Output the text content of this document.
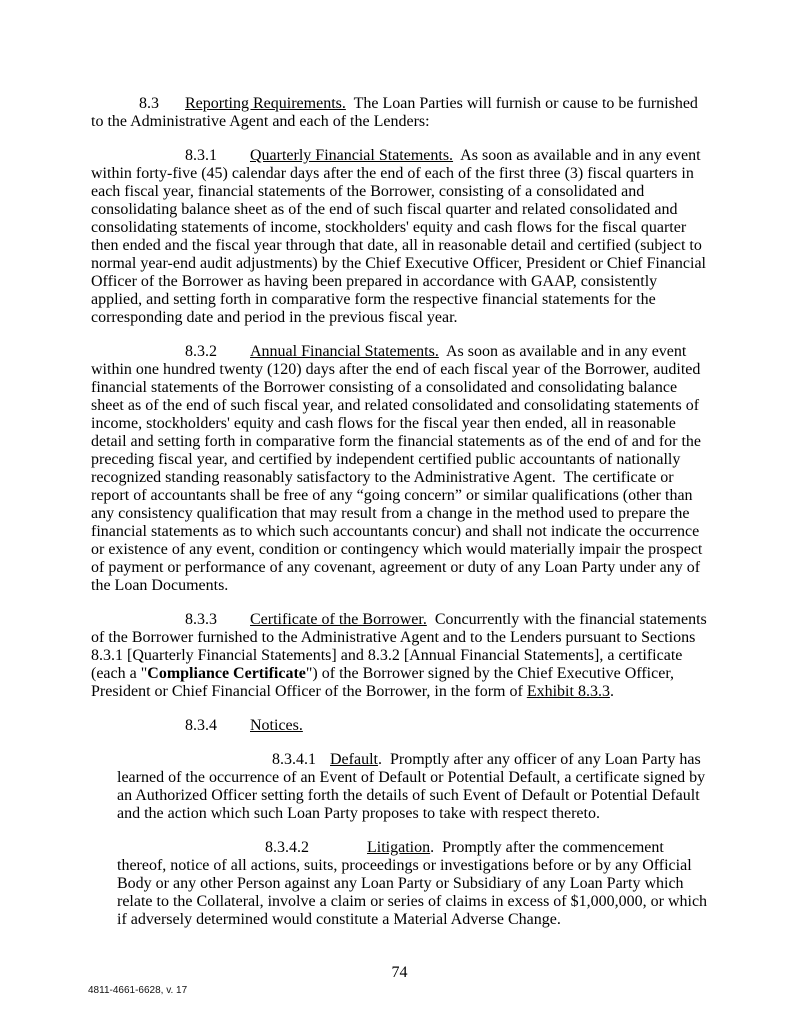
8.3 Reporting Requirements.  The Loan Parties will furnish or cause to be furnished to the Administrative Agent and each of the Lenders:

8.3.1 Quarterly Financial Statements.  As soon as available and in any event within forty-five (45) calendar days after the end of each of the first three (3) fiscal quarters in each fiscal year, financial statements of the Borrower, consisting of a consolidated and consolidating balance sheet as of the end of such fiscal quarter and related consolidated and consolidating statements of income, stockholders' equity and cash flows for the fiscal quarter then ended and the fiscal year through that date, all in reasonable detail and certified (subject to normal year-end audit adjustments) by the Chief Executive Officer, President or Chief Financial Officer of the Borrower as having been prepared in accordance with GAAP, consistently applied, and setting forth in comparative form the respective financial statements for the corresponding date and period in the previous fiscal year.

8.3.2 Annual Financial Statements.  As soon as available and in any event within one hundred twenty (120) days after the end of each fiscal year of the Borrower, audited financial statements of the Borrower consisting of a consolidated and consolidating balance sheet as of the end of such fiscal year, and related consolidated and consolidating statements of income, stockholders' equity and cash flows for the fiscal year then ended, all in reasonable detail and setting forth in comparative form the financial statements as of the end of and for the preceding fiscal year, and certified by independent certified public accountants of nationally recognized standing reasonably satisfactory to the Administrative Agent.  The certificate or report of accountants shall be free of any “going concern” or similar qualifications (other than any consistency qualification that may result from a change in the method used to prepare the financial statements as to which such accountants concur) and shall not indicate the occurrence or existence of any event, condition or contingency which would materially impair the prospect of payment or performance of any covenant, agreement or duty of any Loan Party under any of the Loan Documents.

8.3.3 Certificate of the Borrower.  Concurrently with the financial statements of the Borrower furnished to the Administrative Agent and to the Lenders pursuant to Sections 8.3.1 [Quarterly Financial Statements] and 8.3.2 [Annual Financial Statements], a certificate (each a "Compliance Certificate") of the Borrower signed by the Chief Executive Officer, President or Chief Financial Officer of the Borrower, in the form of Exhibit 8.3.3.

8.3.4 Notices.

8.3.4.1 Default.  Promptly after any officer of any Loan Party has learned of the occurrence of an Event of Default or Potential Default, a certificate signed by an Authorized Officer setting forth the details of such Event of Default or Potential Default and the action which such Loan Party proposes to take with respect thereto.

8.3.4.2	Litigation.  Promptly after the commencement thereof, notice of all actions, suits, proceedings or investigations before or by any Official Body or any other Person against any Loan Party or Subsidiary of any Loan Party which relate to the Collateral, involve a claim or series of claims in excess of $1,000,000, or which if adversely determined would constitute a Material Adverse Change.

74
4811-4661-6628, v. 17
